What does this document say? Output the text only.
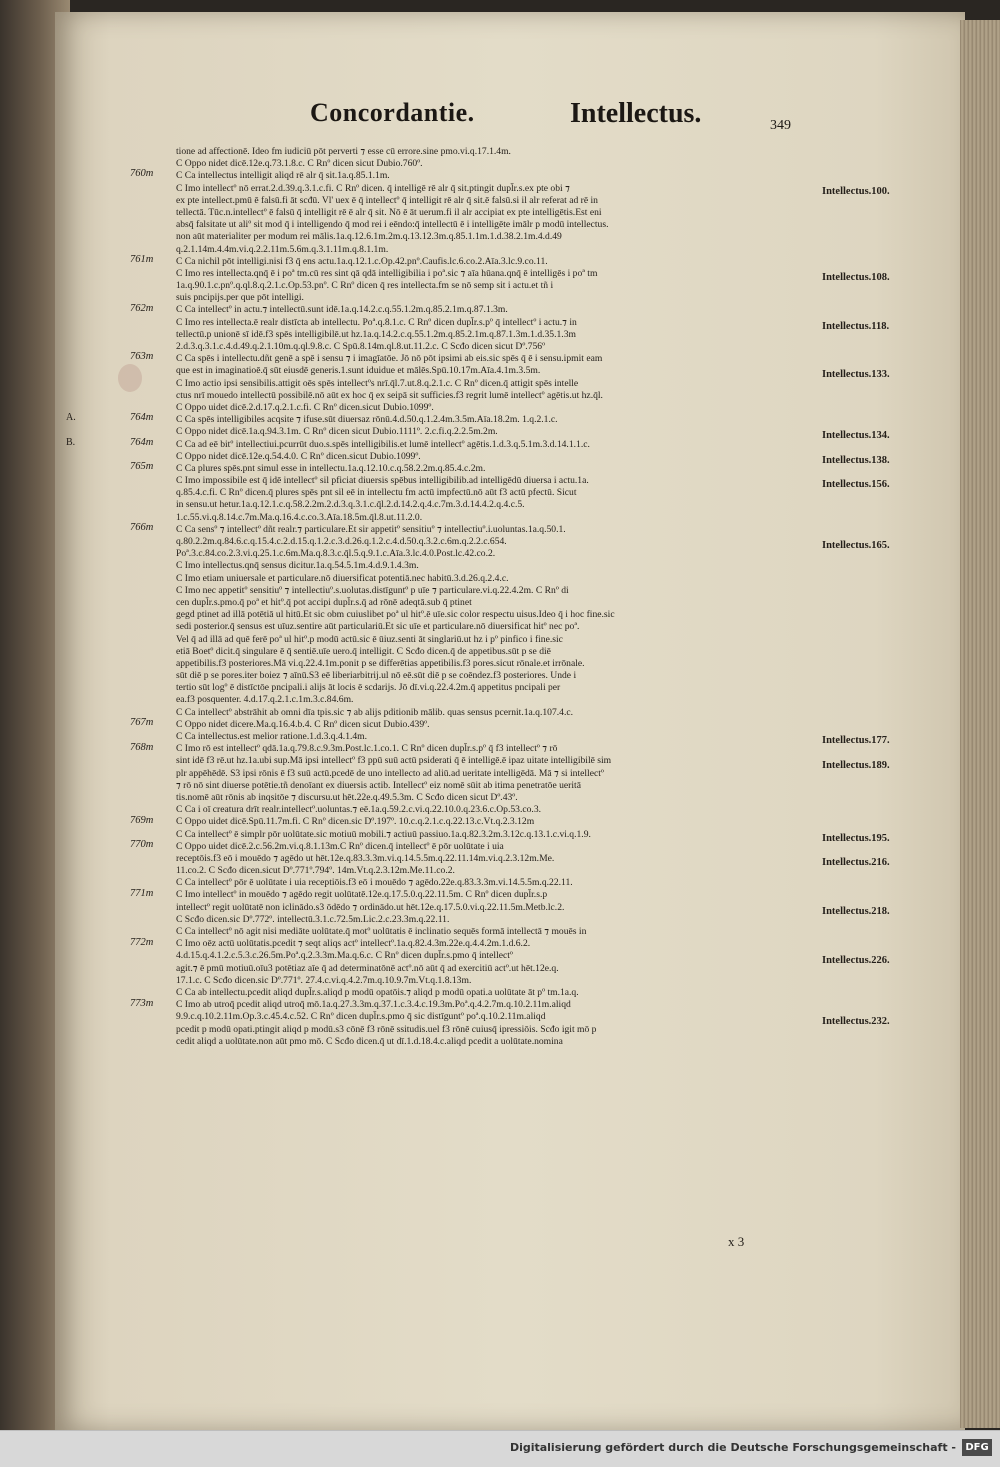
Concordantie.	Intellectus.	349
tione ad affectionē. Ideo fm iudiciū pōt perverti ⁊ esse cū errore.sine pmo.vi.q.17.1.4m.
C Oppo nidet dicē.12e.q.73.1.8.c. C Rnº dicen sicut Dubio.760º.
C Ca intellectus intelligit aliqd rē alr q̄ sit.1a.q.85.1.1m.
C Imo intellectº nō errat.2.d.39.q.3.1.c.fi. C Rnº dicen. q̄ intelligē rē alr q̄ sit.ptingit dupl̄r.s.ex pte obi ⁊
ex pte intellect.pmū ē falsū.fi āt scđū. Vl' uex ē q̄ intellectº q̄ intelligit rē alr q̄ sit.ē falsū.si il alr referat ad rē in
tellectā. Tūc.n.intellectº ē falsū q̄ intelligit rē ē alr q̄ sit. Nō ē āt uerum.fi il alr accipiat ex pte intelligētis.Est eni
absq̄ falsitate ut aliº sit mod q̄ i intelligendo q̄ mod rei i eēndo:q̄ intellectū ē i intelligēte imālr p modū intellectus.
non aūt materialiter per modum rei mālis.1a.q.12.6.1m.2m.q.13.12.3m.q.85.1.1m.1.d.38.2.1m.4.d.49
q.2.1.14m.4.4m.vi.q.2.2.11m.5.6m.q.3.1.11m.q.8.1.1m.
C Ca nichil pōt intelligi.nisi f3 q̄ ens actu.1a.q.12.1.c.Op.42.pnº.Caufis.lc.6.co.2.Aīa.3.lc.9.co.11.
C Imo res intellecta.qnq̄ ē i poª tm.cū res sint qā qdā intelligibilia i poª.sic ⁊ aīa hūana.qnq̄ ē intelligēs i poª tm
1a.q.90.1.c.pnº.q.ql.8.q.2.1.c.Op.53.pnº. C Rnº dicen q̄ res intellecta.fm se nō semp sit i actu.et tñ i
suis pncipijs.per que pōt intelligi.
C Ca intellectº in actu.⁊ intellectū.sunt idē.1a.q.14.2.c.q.55.1.2m.q.85.2.1m.q.87.1.3m.
C Imo res intellecta.ē realr distīcta ab intellectu. Poª.q.8.1.c. C Rnº dicen dupl̄r.s.pº q̄ intellectº i actu.⁊ in
tellectū.p unionē sī idē.f3 spēs intelligibilē.ut hz.1a.q.14.2.c.q.55.1.2m.q.85.2.1m.q.87.1.3m.1.d.35.1.3m
2.d.3.q.3.1.c.4.d.49.q.2.1.10m.q.ql.9.8.c. C Spū.8.14m.ql.8.ut.11.2.c. C Scđo dicen sicut Dº.756º
C Ca spēs i intellectu.dñt genē a spē i sensu ⁊ i imagīatōe. Jō nō pōt ipsimi ab eis.sic spēs q̄ ē i sensu.ipmit eam
que est in imaginatioē.q̄ sūt eiusdē generis.1.sunt iduidue et mālēs.Spū.10.17m.Aīa.4.1m.3.5m.
C Imo actio ipsi sensibilis.attigit oēs spēs intellectºs nrī.q̄l.7.ut.8.q.2.1.c. C Rnº dicen.q̄ attigit spēs intelle
ctus nrī mouedo intellectū possibilē.nō aūt ex hoc q̄ ex seipā sit sufficies.f3 regrit lumē intellectº agētis.ut hz.q̄l.
C Oppo uidet dicē.2.d.17.q.2.1.c.fi. C Rnº dicen.sicut Dubio.1099º.
C Ca spēs intelligibiles acqsite ⁊ ifuse.sūt diuersaz rōnū.4.d.50.q.1.2.4m.3.5m.Aīa.18.2m. 1.q.2.1.c.
C Oppo nidet dicē.1a.q.94.3.1m. C Rnº dicen sicut Dubio.1111º. 2.c.fi.q.2.2.5m.2m.
C Ca ad eē bitº intellectiui.pcurrūt duo.s.spēs intelligibilis.et lumē intellectº agētis.1.d.3.q.5.1m.3.d.14.1.1.c.
C Oppo nidet dicē.12e.q.54.4.0. C Rnº dicen.sicut Dubio.1099º.
C Ca plures spēs.pnt simul esse in intellectu.1a.q.12.10.c.q.58.2.2m.q.85.4.c.2m.
C Imo impossibile est q̄ idē intellectº sil pficiat diuersis spēbus intelligibilib.ad intelligēdū diuersa i actu.1a.
q.85.4.c.fi. C Rnº dicen.q̄ plures spēs pnt sil eē in intellectu fm actū impfectū.nō aūt f3 actū pfectū. Sicut
in sensu.ut hetur.1a.q.12.1.c.q.58.2.2m.2.d.3.q.3.1.c.q̄l.2.d.14.2.q.4.c.7m.3.d.14.4.2.q.4.c.5.
1.c.55.vi.q.8.14.c.7m.Ma.q.16.4.c.co.3.Aīa.18.5m.q̄l.8.ut.11.2.0.
C Ca sensº ⁊ intellectº dñt realr.⁊ particulare.Et sir appetitº sensitiuº ⁊ intellectiuº.i.uoluntas.1a.q.50.1.
q.80.2.2m.q.84.6.c.q.15.4.c.2.d.15.q.1.2.c.3.d.26.q.1.2.c.4.d.50.q.3.2.c.6m.q.2.2.c.654.
Poª.3.c.84.co.2.3.vi.q.25.1.c.6m.Ma.q.8.3.c.q̄l.5.q.9.1.c.Aīa.3.lc.4.0.Post.lc.42.co.2.
C Imo intellectus.qnq̄ sensus dicitur.1a.q.54.5.1m.4.d.9.1.4.3m.
C Imo etiam uniuersale et particulare.nō diuersificat potentiā.nec habitū.3.d.26.q.2.4.c.
C Imo nec appetitº sensitiuº ⁊ intellectiuº.s.uolutas.distīguntº p uīe ⁊ particulare.vi.q.22.4.2m. C Rnº di
cen dupl̄r.s.pmo.q̄ poª et hitº.q̄ pot accipi dupl̄r.s.q̄ ad rōnē adeqtā.sub q̄ ptinet
gegd ptinet ad illā potētiā ul hitū.Et sic obm cuiuslibet poª ul hitº.ē uīe.sic color respectu uisus.Ideo q̄ i hoc fine.sic
sedi posterior.q̄ sensus est uīuz.sentire aūt particulariū.Et sic uīe et particulare.nō diuersificat hitº nec poª.
Vel q̄ ad illā ad quē ferē poª ul hitº.p modū actū.sic ē ūiuz.senti āt singlariū.ut hz i pº pinfico i fine.sic
etiā Boetº dicit.q̄ singulare ē q̄ sentiē.uīe uero.q̄ intelligit. C Scđo dicen.q̄ de appetibus.sūt p se diē
appetibilis.f3 posteriores.Mā vi.q.22.4.1m.ponit p se differētias appetibilis.f3 pores.sicut rōnale.et irrōnale.
sūt diē p se pores.iter boiez ⁊ aīnū.S3 eē liberiarbitrij.ul nō eē.sūt diē p se coēndez.f3 posteriores. Unde i
tertio sūt logº ē distīctōe pncipali.i alijs āt locis ē scdarijs. Jō dī.vi.q.22.4.2m.q̄ appetitus pncipali per
ea.f3 posquenter. 4.d.17.q.2.1.c.1m.3.c.84.6m.
C Ca intellectº abstrāhit ab omni dīa tpis.sic ⁊ ab alijs pditionib mālib. quas sensus pcernit.1a.q.107.4.c.
C Oppo nidet dicere.Ma.q.16.4.b.4. C Rnº dicen sicut Dubio.439º.
C Ca intellectus.est melior ratione.1.d.3.q.4.1.4m.
C Imo rō est intellectº qdā.1a.q.79.8.c.9.3m.Post.lc.1.co.1. C Rnº dicen dupl̄r.s.pº q̄ f3 intellectº ⁊ rō
sint idē f3 rē.ut hz.1a.ubi sup.Mā ipsi intellectº f3 ppū suū actū psiderati q̄ ē intelligē.ē ipaz uitate intelligibilē sim
plr appēhēdē. S3 ipsi rōnis ē f3 suū actū.pcedē de uno intellecto ad aliū.ad ueritate intelligēdā. Mā ⁊ si intellectº
⁊ rō nō sint diuerse potētie.tñ denoīant ex diuersis actib. Intellectº eiz nomē sūit ab itima penetratōe ueritā
tis.nomē aūt rōnis ab inqsitōe ⁊ discursu.ut hēt.22e.q.49.5.3m. C Scđo dicen sicut Dº.43º.
C Ca i oī creatura drīt realr.intellectº.uoluntas.⁊ eē.1a.q.59.2.c.vi.q.22.10.0.q.23.6.c.Op.53.co.3.
C Oppo uidet dicē.Spū.11.7m.fi. C Rnº dicen.sic Dº.197º. 10.c.q.2.1.c.q.22.13.c.Vt.q.2.3.12m
C Ca intellectº ē simplr pōr uolūtate.sic motiuū mobili.⁊ actiuū passiuo.1a.q.82.3.2m.3.12c.q.13.1.c.vi.q.1.9.
C Oppo uidet dicē.2.c.56.2m.vi.q.8.1.13m.C Rnº dicen.q̄ intellectº ē pōr uolūtate i uia
receptōis.f3 eō i mouēdo ⁊ agēdo ut hēt.12e.q.83.3.3m.vi.q.14.5.5m.q.22.11.14m.vi.q.2.3.12m.Me.
11.co.2. C Scđo dicen.sicut Dº.771º.794º. 14m.Vt.q.2.3.12m.Me.11.co.2.
C Ca intellectº pōr ē uolūtate i uia receptiōis.f3 eō i mouēdo ⁊ agēdo.22e.q.83.3.3m.vi.14.5.5m.q.22.11.
C Imo intellectº in mouēdo ⁊ agēdo regit uolūtatē.12e.q.17.5.0.q.22.11.5m. C Rnº dicen dupl̄r.s.p
intellectº regit uolūtatē non iclinādo.s3 ōdēdo ⁊ ordinādo.ut hēt.12e.q.17.5.0.vi.q.22.11.5m.Metb.lc.2.
C Scđo dicen.sic Dº.772º. intellectū.3.1.c.72.5m.Lic.2.c.23.3m.q.22.11.
C Ca intellectº nō agit nisi mediāte uolūtate.q̄ motº uolūtatis ē inclinatio sequēs formā intellectā ⁊ mouēs in
C Imo oēz actū uolūtatis.pcedit ⁊ seqt aliqs actº intellectº.1a.q.82.4.3m.22e.q.4.4.2m.1.d.6.2.
4.d.15.q.4.1.2.c.5.3.c.26.5m.Poª.q.2.3.3m.Ma.q.6.c. C Rnº dicen dupl̄r.s.pmo q̄ intellectº
agit.⁊ ē pmū motiuū.oīu3 potētiaz aīe q̄ ad determinatōnē actº.nō aūt q̄ ad exercitiū actº.ut hēt.12e.q.
17.1.c. C Scđo dicen.sic Dº.771º. 27.4.c.vi.q.4.2.7m.q.10.9.7m.Vt.q.1.8.13m.
C Ca ab intellectu.pcedit aliqd dupl̄r.s.aliqd p modū opatōis.⁊ aliqd p modū opati.a uolūtate āt pº tm.1a.q.
C Imo ab utroq̄ pcedit aliqd utroq̄ mō.1a.q.27.3.3m.q.37.1.c.3.4.c.19.3m.Poª.q.4.2.7m.q.10.2.11m.aliqd
9.9.c.q.10.2.11m.Op.3.c.45.4.c.52. C Rnº dicen dupl̄r.s.pmo q̄ sic distīguntº poª.q.10.2.11m.aliqd
pcedit p modū opati.ptingit aliqd p modū.s3 cōnē f3 rōnē ssitudis.uel f3 rōnē cuiusq̄ ipressiōis. Scđo igit mō p
cedit aliqd a uolūtate.non aūt pmo mō. C Scđo dicen.q̄ ut dī.1.d.18.4.c.aliqd pcedit a uolūtate.nomina
760m
761m
762m
763m
764m
A.
764m
B.
765m
766m
767m
768m
769m
770m
771m
772m
773m
Intellectus.100.
Intellectus.108.
Intellectus.118.
Intellectus.133.
Intellectus.134.
Intellectus.138.
Intellectus.156.
Intellectus.165.
Intellectus.177.
Intellectus.189.
Intellectus.195.
Intellectus.216.
Intellectus.218.
Intellectus.226.
Intellectus.232.
x 3
Digitalisierung gefördert durch die Deutsche Forschungsgemeinschaft - DFG
